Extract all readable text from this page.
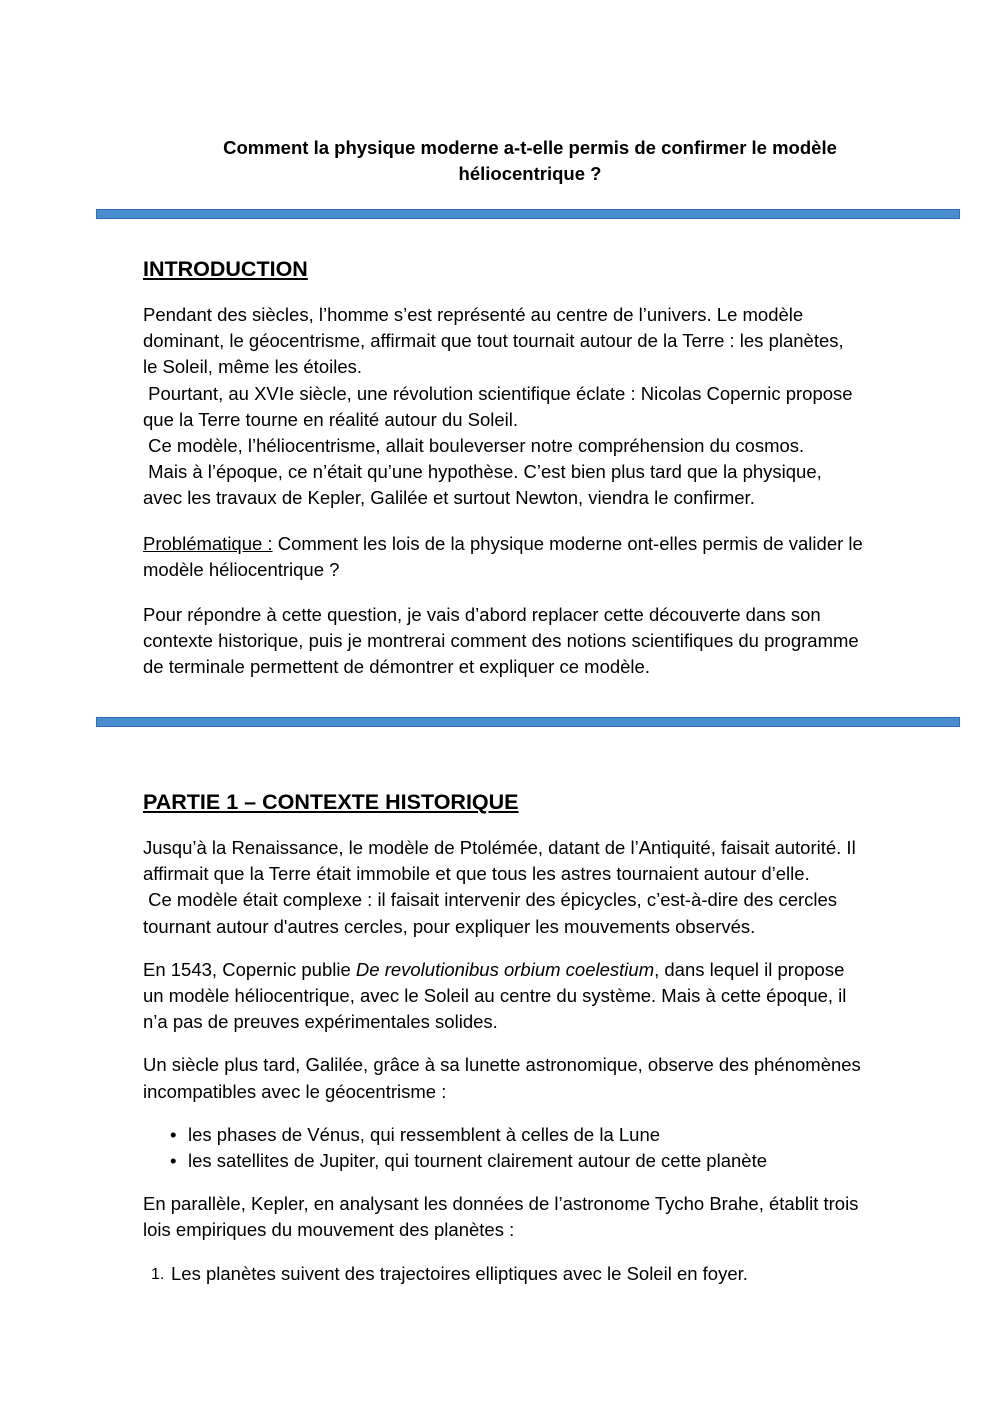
Comment la physique moderne a-t-elle permis de confirmer le modèle
héliocentrique ?
INTRODUCTION

Pendant des siècles, l’homme s’est représenté au centre de l’univers. Le modèle
dominant, le géocentrisme, affirmait que tout tournait autour de la Terre : les planètes,
le Soleil, même les étoiles.
Pourtant, au XVIe siècle, une révolution scientifique éclate : Nicolas Copernic propose
que la Terre tourne en réalité autour du Soleil.
Ce modèle, l’héliocentrisme, allait bouleverser notre compréhension du cosmos.
Mais à l’époque, ce n’était qu’une hypothèse. C’est bien plus tard que la physique,
avec les travaux de Kepler, Galilée et surtout Newton, viendra le confirmer.

Problématique : Comment les lois de la physique moderne ont-elles permis de valider le
modèle héliocentrique ?

Pour répondre à cette question, je vais d’abord replacer cette découverte dans son
contexte historique, puis je montrerai comment des notions scientifiques du programme
de terminale permettent de démontrer et expliquer ce modèle.

PARTIE 1 – CONTEXTE HISTORIQUE

Jusqu’à la Renaissance, le modèle de Ptolémée, datant de l’Antiquité, faisait autorité. Il
affirmait que la Terre était immobile et que tous les astres tournaient autour d’elle.
Ce modèle était complexe : il faisait intervenir des épicycles, c’est-à-dire des cercles
tournant autour d'autres cercles, pour expliquer les mouvements observés.

En 1543, Copernic publie De revolutionibus orbium coelestium, dans lequel il propose
un modèle héliocentrique, avec le Soleil au centre du système. Mais à cette époque, il
n’a pas de preuves expérimentales solides.

Un siècle plus tard, Galilée, grâce à sa lunette astronomique, observe des phénomènes
incompatibles avec le géocentrisme :

• les phases de Vénus, qui ressemblent à celles de la Lune
• les satellites de Jupiter, qui tournent clairement autour de cette planète

En parallèle, Kepler, en analysant les données de l’astronome Tycho Brahe, établit trois
lois empiriques du mouvement des planètes :

1. Les planètes suivent des trajectoires elliptiques avec le Soleil en foyer.
